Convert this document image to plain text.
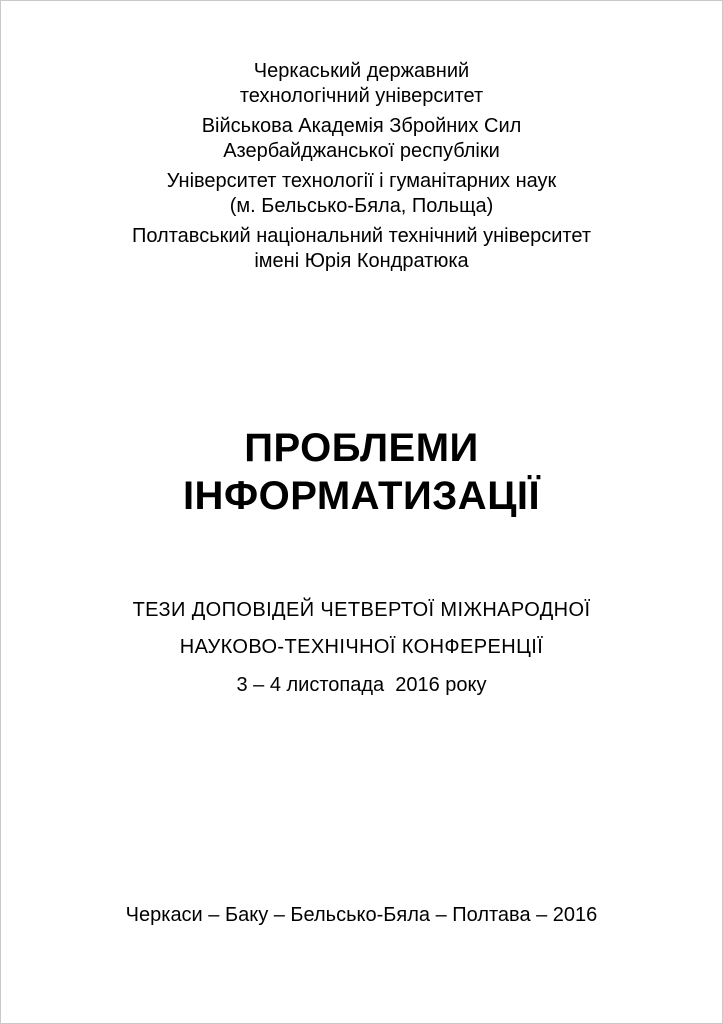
Черкаський державний
технологічний університет
Військова Академія Збройних Сил
Азербайджанської республіки
Університет технології і гуманітарних наук
(м. Бельсько-Бяла, Польща)
Полтавський національний технічний університет
імені Юрія Кондратюка
ПРОБЛЕМИ
ІНФОРМАТИЗАЦІЇ
ТЕЗИ ДОПОВІДЕЙ ЧЕТВЕРТОЇ МІЖНАРОДНОЇ
НАУКОВО-ТЕХНІЧНОЇ КОНФЕРЕНЦІЇ
3 – 4 листопада  2016 року
Черкаси – Баку – Бельсько-Бяла – Полтава – 2016
